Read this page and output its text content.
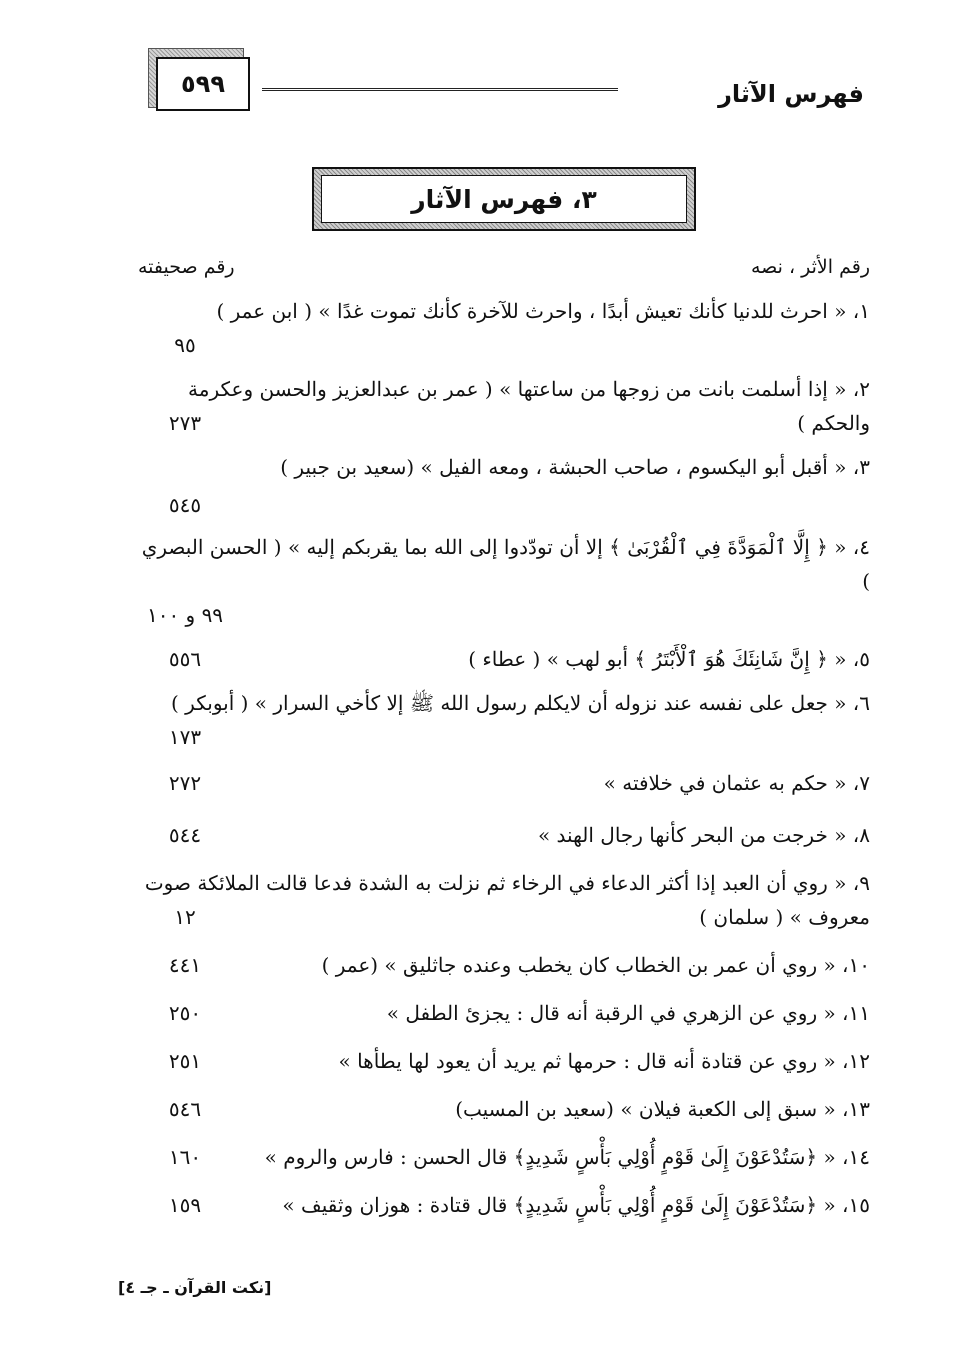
٥٩٩	فهرس الآثار
٣، فهرس الآثار
رقم الأثر ، نصه
رقم صحيفته
١، « احرث للدنيا كأنك تعيش أبدًا ، واحرث للآخرة كأنك تموت غدًا » ( ابن عمر )
٩٥
٢، « إذا أسلمت بانت من زوجها من ساعتها » ( عمر بن عبدالعزيز والحسن وعكرمة والحكم )
٢٧٣
٣، « أقبل أبو اليكسوم ، صاحب الحبشة ، ومعه الفيل » (سعيد بن جبير )
٥٤٥
٤، « ﴿ إِلَّا ٱلْمَوَدَّةَ فِي ٱلْقُرْبَىٰ ﴾ إلا أن تودّدوا إلى الله بما يقربكم إليه » ( الحسن البصري )
٩٩ و ١٠٠
٥، « ﴿ إِنَّ شَانِئَكَ هُوَ ٱلْأَبْتَرُ ﴾ أبو لهب » ( عطاء )
٥٥٦
٦، « جعل على نفسه عند نزوله أن لايكلم رسول الله ﷺ إلا كأخي السرار » ( أبوبكر )
١٧٣
٧، « حكم به عثمان في خلافته »
٢٧٢
٨، « خرجت من البحر كأنها رجال الهند »
٥٤٤
٩، « روي أن العبد إذا أكثر الدعاء في الرخاء ثم نزلت به الشدة فدعا قالت الملائكة صوت معروف » ( سلمان )
١٢
١٠، « روي أن عمر بن الخطاب كان يخطب وعنده جاثليق » (عمر )
٤٤١
١١، « روي عن الزهري في الرقبة أنه قال : يجزئ الطفل »
٢٥٠
١٢، « روي عن قتادة أنه قال : حرمها ثم يريد أن يعود لها يطأها »
٢٥١
١٣، « سبق إلى الكعبة فيلان » (سعيد بن المسيب)
٥٤٦
١٤، « ﴿سَتُدْعَوْنَ إِلَىٰ قَوْمٍ أُوْلِي بَأْسٍ شَدِيدٍ﴾ قال الحسن : فارس والروم »
١٦٠
١٥، « ﴿سَتُدْعَوْنَ إِلَىٰ قَوْمٍ أُوْلِي بَأْسٍ شَدِيدٍ﴾ قال قتادة : هوزان وثقيف »
١٥٩
[نكت القرآن ـ جـ ٤]
